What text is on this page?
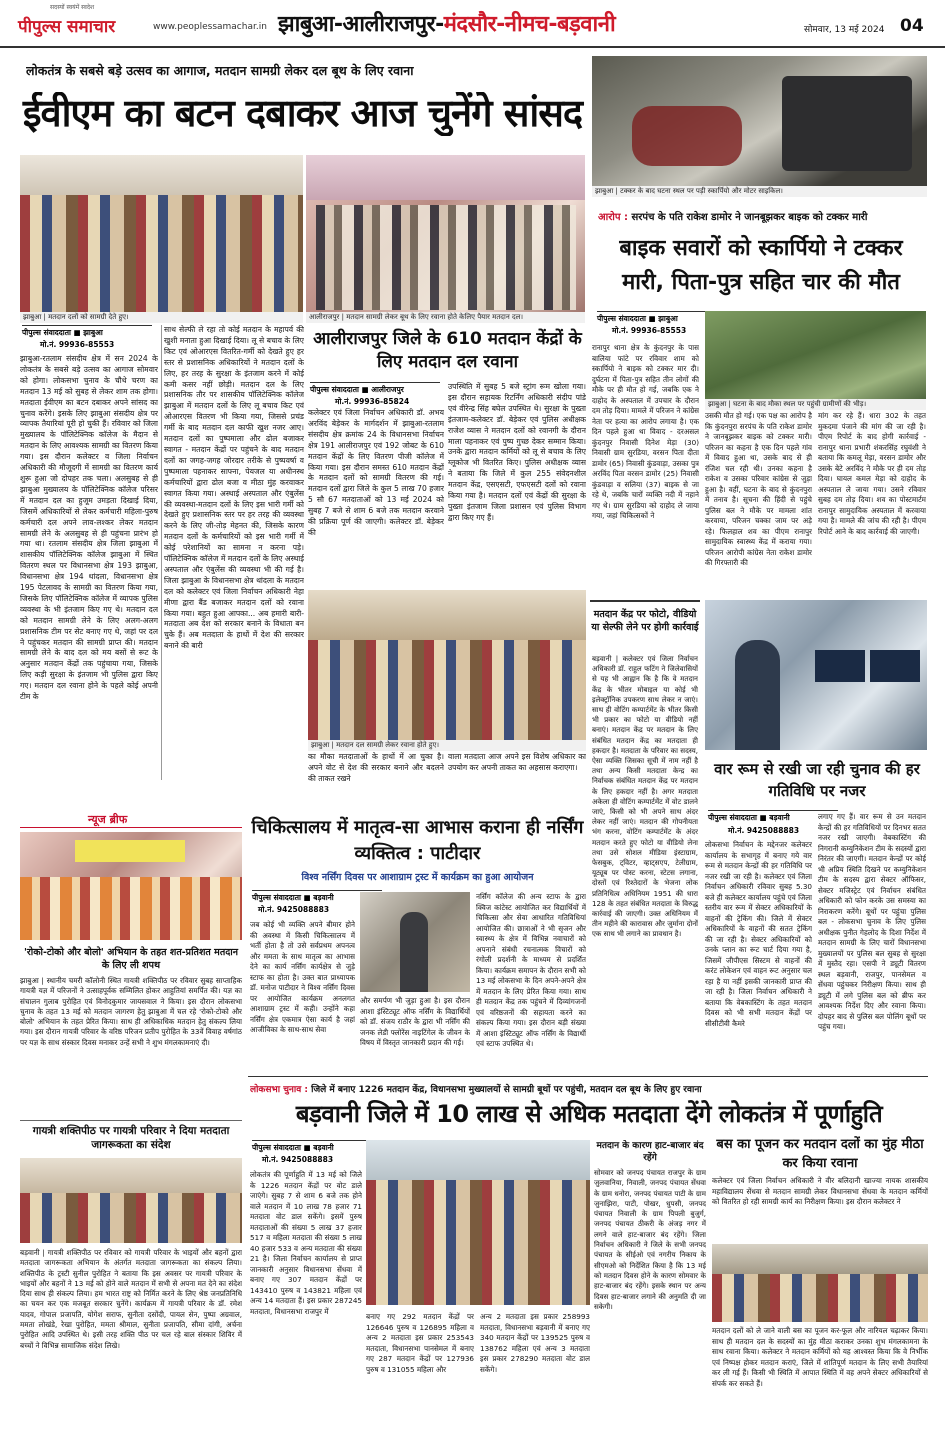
पीपुल्स समाचार
सदस्यों स्वयंमें स्वदेश
www.peoplessamachar.in झाबुआ-आलीराजपुर-मंदसौर-नीमच-बड़वानी	सोमवार, 13 मई 2024 04
लोकतंत्र के सबसे बड़े उत्सव का आगाज, मतदान सामग्री लेकर दल बूथ के लिए रवाना
ईवीएम का बटन दबाकर आज चुनेंगे सांसद
झाबुआ | मतदान दलों को सामग्री देते हुए।	आलीराजपुर | मतदान सामग्री लेकर बूथ के लिए रवाना होते केलिए पैयार मतदान दल।
पीपुल्स संवाददाता ■ झाबुआ
मो.नं. 99936-85553
झाबुआ-रतलाम संसदीय क्षेत्र में सन 2024 के लोकतंत्र के सबसे बड़े उत्सव का आगाज सोमवार को होगा। लोकसभा चुनाव के चौथे चरण का मतदान 13 मई को सुबह से लेकर शाम तक होगा। मतदाता ईवीएम का बटन दबाकर अपने सांसद का चुनाव करेंगे। इसके लिए झाबुआ संसदीय क्षेत्र पर व्यापक तैयारियां पूरी हो चुकी हैं। रविवार को जिला मुख्यालय के पॉलिटेक्निक कॉलेज के मैदान से मतदान के लिए आवश्यक सामग्री का वितरण किया गया। इस दौरान कलेक्टर व जिला निर्वाचन अधिकारी की मौजूदगी में सामग्री का वितरण कार्य शुरू हुआ जो दोपहर तक चला। अलसुबह से ही झाबुआ मुख्यालय के पॉलिटेक्निक कॉलेज परिसर में मतदान दल का हुजूम उमड़ता दिखाई दिया, जिसमें अधिकारियों से लेकर कर्मचारी महिला-पुरुष कर्मचारी दल अपने लाव-लश्कर लेकर मतदान सामग्री लेने के अलसुबह से ही पहुंचना प्रारंभ हो गया था। रतलाम संसदीय क्षेत्र जिला झाबुआ में शासकीय पॉलिटेक्निक कॉलेज झाबुआ में स्थित वितरण स्थल पर विधानसभा क्षेत्र 193 झाबुआ, विधानसभा क्षेत्र 194 थांदला, विधानसभा क्षेत्र 195 पेटलावद के सामग्री का वितरण किया गया, जिसके लिए पॉलिटेक्निक कॉलेज में व्यापक पुलिस व्यवस्था के भी इंतजाम किए गए थे। मतदान दल को मतदान सामग्री लेने के लिए अलग-अलग प्रशासनिक टीम पर सेट बनाए गए थे, जहां पर दल ने पहुंचकर मतदान की सामग्री प्राप्त की। मतदान सामग्री लेने के बाद दल को मय बसों से रूट के अनुसार मतदान केंद्रों तक पहुंचाया गया, जिसके लिए कड़ी सुरक्षा के इंतजाम भी पुलिस द्वारा किए गए। मतदान दल रवाना होने के पहले कोई अपनी टीम के
साथ सेल्फी ले रहा तो कोई मतदान के महापर्व की खुशी मनाता हुआ दिखाई दिया। लू से बचाव के लिए किट एवं ओआरएस वितरित-गर्मी को देखते हुए हर स्तर से प्रशासनिक अधिकारियों ने मतदान दलों के लिए, हर तरह के सुरक्षा के इंतजाम करने में कोई कमी कसर नहीं छोड़ी। मतदान दल के लिए प्रशासनिक तौर पर शासकीय पॉलिटेक्निक कॉलेज झाबुआ में मतदान दलों के लिए लू बचाव किट एवं ओआरएस वितरण भी किया गया, जिससे प्रचंड गर्मी के बाद मतदान दल काफी खुश नजर आए। मतदान दलों का पुष्पमाला और ढोल बजाकर स्वागत - मतदान केंद्रों पर पहुंचने के बाद मतदान दलों का जगह-जगह जोरदार तरीके से पुष्पवर्षा व पुष्पमाला पहनाकर साफ्ना, पेयजल या अधीनस्थ कर्मचारियों द्वारा ढोल बजा व मीठा मुंह करवाकर स्वागत किया गया। अस्थाई अस्पताल और एंबुलेंस की व्यवस्था-मतदान दलों के लिए इस भारी गर्मी को देखते हुए प्रशासनिक स्तर पर हर तरह की व्यवस्था करने के लिए जी-तोड़ मेहनत की, जिसके कारण मतदान दलों के कर्मचारियों को इस भारी गर्मी में कोई परेशानियों का सामना न करना पड़े। पॉलिटेक्निक कॉलेज में मतदान दलों के लिए अस्थाई अस्पताल और एंबुलेंस की व्यवस्था भी की गई है। जिला झाबुआ के विधानसभा क्षेत्र थांदला के मतदान दल को कलेक्टर एवं जिला निर्वाचन अधिकारी नेहा मीणा द्वारा बैंड बजाकर मतदान दलों को रवाना किया गया। बहुत हुआ आपका... अब हमारी बारी- मतदाता अब देश को सरकार बनाने के विधाता बन चुके हैं। अब मतदाता के हाथों में देश की सरकार बनाने की बारी
आलीराजपुर जिले के 610 मतदान केंद्रों के लिए मतदान दल रवाना
पीपुल्स संवाददाता ■ आलीराजपुर
मो.नं. 99936-85824
कलेक्टर एवं जिला निर्वाचन अधिकारी डॉ. अभय अरविंद बेड़ेकर के मार्गदर्शन में झाबुआ-रतलाम संसदीय क्षेत्र क्रमांक 24 के विधानसभा निर्वाचन क्षेत्र 191 आलीराजपुर एवं 192 जोबट के 610 मतदान केंद्रों के लिए वितरण पीजी कॉलेज में किया गया। इस दौरान समस्त 610 मतदान केंद्रों के मतदान दलों को सामग्री वितरण की गई। मतदान दलों द्वारा जिले के कुल 5 लाख 70 हजार 5 सौ 67 मतदाताओं को 13 मई 2024 को सुबह 7 बजे से शाम 6 बजे तक मतदान करवाने की प्रक्रिया पूर्ण की जाएगी। कलेक्टर डॉ. बेड़ेकर की
उपस्थिति में सुबह 5 बजे स्ट्रांग रूम खोला गया। इस दौरान सहायक रिटर्निंग अधिकारी संदीप पांडे एवं वीरेन्द्र सिंह बघेल उपस्थित थे। सुरक्षा के पुख्ता इंतजाम-कलेक्टर डॉ. बेड़ेकर एवं पुलिस अधीक्षक राजेश व्यास ने मतदान दलों को रवानगी के दौरान माला पहनाकर एवं पुष्प गुच्छ देकर सम्मान किया। उनके द्वारा मतदान कर्मियों को लू से बचाव के लिए ग्लूकोज भी वितरित किए। पुलिस अधीक्षक व्यास ने बताया कि जिले में कुल 255 संवेदनशील मतदान केंद्र, एसएसटी, एफएसटी दलों को रवाना किया गया है। मतदान दलों एवं केंद्रों की सुरक्षा के पुख्ता इंतजाम जिला प्रशासन एवं पुलिस विभाग द्वारा किए गए हैं।
झाबुआ | मतदान दल सामग्री लेकर रवाना होते हुए।
का मौका मतदाताओं के हाथों में आ चुका है। अपने वोट से देश की सरकार बनाने और बदलने की ताकत रखने
वाला मतदाता आज अपने इस विशेष अधिकार का उपयोग कर अपनी ताकत का अहसास कराएगा।
झाबुआ | टक्कर के बाद घटना स्थल पर पड़ी स्कार्पियो और मोटर साइकिल।
आरोप : सरपंच के पति राकेश डामोर ने जानबूझकर बाइक को टक्कर मारी
बाइक सवारों को स्कार्पियो ने टक्कर मारी, पिता-पुत्र सहित चार की मौत
पीपुल्स संवाददाता ■ झाबुआ
मो.नं. 99936-85553
रानापुर थाना क्षेत्र के कुंदनपुर के पास बालिया फांटे पर रविवार शाम को स्कार्पियो ने बाइक को टक्कर मार दी। दुर्घटना में पिता-पुत्र सहित तीन लोगों की मौके पर ही मौत हो गई, जबकि एक ने दाहोद के अस्पताल में उपचार के दौरान दम तोड़ दिया। मामले में परिजन ने कांग्रेस नेता पर हत्या का आरोप लगाया है। एक दिन पहले हुआ था विवाद - दरअसल कुंदनपुर निवासी दिनेश मेड़ा (30) निवासी ग्राम सुरडिया, वरसन पिता दीता डामोर (65) निवासी कुंडवाड़ा, उसका पुत्र अरविंद पिता वरसन डामोर (25) निवासी कुंडवाड़ा व सलिया (37) बाइक से जा रहे थे, जबकि चारों व्यक्ति नदी में नहाने गए थे। ग्राम सुरडिया को दाहोद ले जाया गया, जहां चिकित्सकों ने
झाबुआ | घटना के बाद मौका स्थल पर पहुंची ग्रामीणों की भीड़।
उसकी मौत हो गई। एक पक्ष का आरोप है कि कुंदनपुरा सरपंच के पति राकेश डामोर ने जानबूझकर बाइक को टक्कर मारी। परिजन का कहना है एक दिन पहले गांव में विवाद हुआ था, उसके बाद से ही रंजिश चल रही थी। उनका कहना है राकेश व उसका परिवार कांग्रेस से जुड़ा हुआ है। वहीं, घटना के बाद से कुंदनपुरा में तनाव है। सूचना की हिंदी से पहुंचे पुलिस बल ने मौके पर मामला शांत करवाया, परिजन चक्का जाम पर अड़े रहे। फिलहाल शव का पीएम रानापुर सामुदायिक स्वास्थ्य केंद्र में कराया गया। परिजन आरोपी कांग्रेस नेता राकेश डामोर की गिरफ्तारी की
मांग कर रहे हैं। धारा 302 के तहत मुकदमा पंजाने की मांग की जा रही है। पीएम रिपोर्ट के बाद होगी कार्रवाई - रानापुर थाना प्रभारी शंकरसिंह रघुवंशी ने बताया कि कमलू मेड़ा, वरसन डामोर और उसके बेटे अरविंद ने मौके पर ही दम तोड़ दिया। घायल कमल मेड़ा को दाहोद के अस्पताल ले जाया गया। उसने रविवार सुबह दम तोड़ दिया। शव का पोस्टमार्टम रानापुर सामुदायिक अस्पताल में करवाया गया है। मामले की जांच की रही है। पीएम रिपोर्ट आने के बाद कार्रवाई की जाएगी।
मतदान केंद्र पर फोटो, वीडियो या सेल्फी लेने पर होगी कार्रवाई
बड़वानी | कलेक्टर एवं जिला निर्वाचन अधिकारी डॉ. राहुल फटिंग ने जिलेवासियों से यह भी आह्वान कि है कि वे मतदान केंद्र के भीतर मोबाइल या कोई भी इलेक्ट्रॉनिक उपकरण साथ लेकर न जाएं। साथ ही वोटिंग कम्पार्टमेंट के भीतर किसी भी प्रकार का फोटो या वीडियो नहीं बनाएं। मतदान केंद्र पर मतदान के लिए संबंधित मतदान केंद्र का मतदाता ही हकदार है। मतदाता के परिवार का सदस्य, ऐसा व्यक्ति जिसका सूची में नाम नहीं है तथा अन्य किसी मतदाता केन्द्र का निर्वाचक संबंधित मतदान केंद्र पर मतदान के लिए हकदार नहीं है। अगर मतदाता अकेला ही वोटिंग कम्पार्टमेंट में वोट डालने जाएं, किसी को भी अपने साथ अंदर लेकर नहीं जाएं। मतदान की गोपनीयता भंग करना, वोटिंग कम्पार्टमेंट के अंदर मतदान करते हुए फोटो या वीडियो लेना तथा उसे सोशल मीडिया इंस्टाग्राम, फेसबुक, ट्विटर, व्हाट्सएप, टेलीग्राम, यूट्यूब पर पोस्ट करना, स्टेटस लगाना, दोस्तों एवं रिश्तेदारों के भेजना लोक प्रतिनिधित्व अधिनियम 1951 की धारा 128 के तहत संबंधित मतदाता के विरुद्ध कार्रवाई की जाएगी। उक्त अधिनियम में तीन महीने की कारावास और जुर्माना दोनों एक साथ भी लगाने का प्रावधान है।
वार रूम से रखी जा रही चुनाव की हर गतिविधि पर नजर
पीपुल्स संवाददाता ■ बड़वानी
मो.नं. 9425088883
लोकसभा निर्वाचन के मद्देनजर कलेक्टर कार्यालय के सभागृह में बनाए गये वार रूम से मतदान केन्द्रों की हर गतिविधि पर नजर रखी जा रही है। कलेक्टर एवं जिला निर्वाचन अधिकारी रविवार सुबह 5.30 बजे ही कलेक्टर कार्यालय पहुंचे एवं जिला स्तरीय वार रूम में सेक्टर अधिकारियों के वाहनों की ट्रेकिंग की। जिले में सेक्टर अधिकारियों के वाहनों की सतत ट्रेकिंग की जा रही है। सेक्टर अधिकारियों को उनके प्लान का रूट चार्ट दिया गया है, जिसमें जीपीएस सिस्टम से वाहनों की करंट लोकेशन एवं वाहन रूट अनुसार चल रहा है या नहीं इसकी जानकारी प्राप्त की जा रही है। जिला निर्वाचन अधिकारी ने बताया कि वेबकास्टिंग के तहत मतदान दिवस को भी सभी मतदान केंद्रों पर सीसीटीवी कैमरे
लगाए गए हैं। वार रूम से उन मतदान केन्द्रों की हर गतिविधियों पर दिनभर सतत नजर रखी जाएगी। वेबकास्टिंग की निगरानी कम्युनिकेशन टीम के सदस्यों द्वारा निरंतर की जाएगी। मतदान केन्द्रों पर कोई भी अप्रिय स्थिति दिखने पर कम्युनिकेशन टीम के सदस्य द्वारा सेक्टर ऑफिसर, सेक्टर मजिस्ट्रेट एवं निर्वाचन संबंधित अधिकारी को फोन करके उस समस्या का निराकरण करेंगे। बूथों पर पहुंचा पुलिस बल - लोकसभा चुनाव के लिए पुलिस अधीक्षक पुनीत गेहलोद के दिशा निर्देश में मतदान सामग्री के लिए चारों विधानसभा मुख्यालयों पर पुलिस बल सुबह से सुरक्षा में मुस्तैद रहा। एसपी ने ड्यूटी वितरण स्थल बड़वानी, राजपुर, पानसेमल व सेंधवा पहुंचकर निरीक्षण किया। साथ ही ड्यूटी में लगे पुलिस बल को ब्रीफ कर आवश्यक निर्देश दिए और रवाना किया। दोपहर बाद से पुलिस बल पोलिंग बूथों पर पहुंच गया।
न्यूज ब्रीफ
'रोको-टोको और बोलो' अभियान के तहत शत-प्रतिशत मतदान के लिए ली शपथ
झाबुआ | स्थानीय चमरी कॉलोनी स्थित गायत्री शक्तिपीठ पर रविवार सुबह साप्ताहिक गायत्री यज्ञ में परिजनों ने उत्साहपूर्वक सम्मिलित होकर आहुतियां समर्पित की। यज्ञ का संचालन गुलाब पुरोहित एवं विनोदकुमार जायसवाल ने किया। इस दौरान लोकसभा चुनाव के तहत 13 मई को मतदान जागरण हेतु झाबुआ में चल रहे 'रोको-टोको और बोलो' अभियान के तहत प्रेरित किया। साथ ही अधिकाधिक मतदान हेतु संकल्प लिया गया। इस दौरान गायत्री परिवार के वरिष्ठ परिजन प्रतीप पुरोहित के 33वें विवाह वर्षगांठ पर यज्ञ के साथ संस्कार दिवस मनाकर उन्हें सभी ने शुभ मंगलकामनाएं दी।
गायत्री शक्तिपीठ पर गायत्री परिवार ने दिया मतदाता जागरूकता का संदेश
बड़वानी | गायत्री शक्तिपीठ पर रविवार को गायत्री परिवार के भाइयों और बहनों द्वारा मतदाता जागरूकता अभियान के अंतर्गत मतदाता जागरूकता का संकल्प लिया। शक्तिपीठ के ट्रस्टी सुनील पुरोहित ने बताया कि इस अवसर पर गायत्री परिवार के भाइयों और बहनों ने 13 मई को होने वाले मतदान में सभी से अपना मत देने का संदेश दिया साथ ही संकल्प लिया। हम भारत राष्ट्र को निर्मित करने के लिए श्रेष्ठ जनप्रतिनिधि का चयन कर एक मजबूत सरकार चुनेंगे। कार्यक्रम में गायत्री परिवार के डॉ. रमेश यादव, गोपाल प्रजापति, योगेश सराफ, सुनीता दसोंदी, पायल सेन, पुष्पा अग्रवाल, ममता लोखंडे, रेखा पुरोहित, ममता श्रीमाल, सुनीता प्रजापति, सीमा दांगी, अर्चना पुरोहित आदि उपस्थित थे। इसी तरह शक्ति पीठ पर चल रहे बाल संस्कार शिविर में बच्चों ने विभिन्न सामाजिक संदेश लिखे।
चिकित्सालय में मातृत्व-सा आभास कराना ही नर्सिंग व्यक्तित्व : पाटीदार
विश्व नर्सिंग दिवस पर आशाग्राम ट्रस्ट में कार्यक्रम का हुआ आयोजन
पीपुल्स संवाददाता ■ बड़वानी
मो.नं. 9425088883
जब कोई भी व्यक्ति अपने बीमार होने की अवस्था में किसी चिकित्सालय में भर्ती होता है तो उसे सर्वप्रथम अपनत्व और ममता के साथ मातृत्व का आभास देने का कार्य नर्सिंग कार्यक्षेत्र से जुड़े स्टाफ का होता है। उक्त बात प्राध्यापक डॉ. मनोज पाटीदार ने विश्व नर्सिंग दिवस पर आयोजित कार्यक्रम अनलगत आशाग्राम ट्रस्ट में कही। उन्होंने कहा नर्सिंग क्षेत्र एकमात्र ऐसा कार्य है जहां आजीविका के साथ-साथ सेवा
और समर्पण भी जुड़ा हुआ है। इस दौरान आशा इंस्टिट्यूट ऑफ नर्सिंग के विद्यार्थियों को डॉ. संजय राठौर के द्वारा भी नर्सिंग की जनक लेडी फ्लोरेंस नाइटिंगेल के जीवन के विषय में विस्तृत जानकारी प्रदान की गई।
नर्सिंग कॉलेज की अन्य स्टाफ के द्वारा क्विज कांटेस्ट आयोजित कर विद्यार्थियों में चिकित्सा और सेवा आधारित गतिविधियां आयोजित की। छात्राओं ने भी सृजन और स्वास्थ्य के क्षेत्र में विभिन्न नवाचारों को अपनाने संबंधी रचनात्मक विचारों को रंगोली प्रदर्शनी के माध्यम से प्रदर्शित किया। कार्यक्रम समापन के दौरान सभी को 13 मई लोकसभा के दिन अपने-अपने क्षेत्र में मतदान के लिए प्रेरित किया गया। साथ ही मतदान केंद्र तक पहुंचने में दिव्यांगजनों एवं वरिष्ठजनों की सहायता करने का संकल्प किया गया। इस दौरान बड़ी संख्या में आशा इंस्टिट्यूट ऑफ नर्सिंग के विद्यार्थी एवं स्टाफ उपस्थित थे।
लोकसभा चुनाव : जिले में बनाए 1226 मतदान केंद्र, विधानसभा मुख्यालयों से सामग्री बूथों पर पहुंची, मतदान दल बूथ के लिए हुए रवाना
बड़वानी जिले में 10 लाख से अधिक मतदाता देंगे लोकतंत्र में पूर्णाहुति
पीपुल्स संवाददाता ■ बड़वानी
मो.नं. 9425088883
लोकतंत्र की पूर्णाहुति में 13 मई को जिले के 1226 मतदान केंद्रों पर वोट डाले जाएंगे। सुबह 7 से शाम 6 बजे तक होने वाले मतदान में 10 लाख 78 हजार 71 मतदाता वोट डाल सकेंगे। इसमें पुरुष मतदाताओं की संख्या 5 लाख 37 हजार 517 व महिला मतदाता की संख्या 5 लाख 40 हजार 533 व अन्य मतदाता की संख्या 21 है। जिला निर्वाचन कार्यालय से प्राप्त जानकारी अनुसार विधानसभा सेंधवा में बनाए गए 307 मतदान केंद्रों पर 143410 पुरुष व 143821 महिला एवं अन्य 14 मतदाता हैं। इस प्रकार 287245 मतदाता, विधानसभा राजपुर में
बनाए गए 292 मतदान केंद्रों पर 126646 पुरुष व 126895 महिला व अन्य 2 मतदाता इस प्रकार 253543 मतदाता, विधानसभा पानसेमल में बनाए गए 287 मतदान केंद्रों पर 127936 पुरुष व 131055 महिला और
अन्य 2 मतदाता इस प्रकार 258993 मतदाता, विधानसभा बड़वानी में बनाए गए 340 मतदान केंद्रों पर 139525 पुरुष व 138762 महिला एवं अन्य 3 मतदाता इस प्रकार 278290 मतदाता वोट डाल सकेंगे।
मतदान के कारण हाट-बाजार बंद रहेंगे
सोमवार को जनपद पंचायत राजपुर के ग्राम जुलवानिया, निवाली, जनपद पंचायत सेंधवा के ग्राम धनोरा, जनपद पंचायत पाटी के ग्राम जुनाझिरा, पाटी, पोखर, धुपसी, जनपद पंचायत निवाली के ग्राम पिपली बुजुर्ग, जनपद पंचायत ठीकरी के अंजड़ नगर में लगने वाले हाट-बाजार बंद रहेंगे। जिला निर्वाचन अधिकारी ने जिले के सभी जनपद पंचायत के सीईओ एवं नगरीय निकाय के सीएमओ को निर्देशित किया है कि 13 मई को मतदान दिवस होने के कारण सोमवार के हाट-बाजार बंद रहेंगे। इसके स्थान पर अन्य दिवस हाट-बाजार लगाने की अनुमति दी जा सकेगी।
बस का पूजन कर मतदान दलों का मुंह मीठा कर किया रवाना
कलेक्टर एवं जिला निर्वाचन अधिकारी ने वीर बलिदानी खाज्या नायक शासकीय महाविद्यालय सेंधवा से मतदान सामग्री लेकर विधानसभा सेंधवा के मतदान कर्मियों को वितरित हो रही सामग्री कार्य का निरीक्षण किया। इस दौरान कलेक्टर ने
मतदान दलों को ले जाने वाली बस का पूजन कर-फूल और नारियल चढ़ाकर किया। साथ ही मतदान दल के सदस्यों का मुंह मीठा कराकर उनका शुभ मंगलकामना के साथ रवाना किया। कलेक्टर ने मतदान कर्मियों को यह आश्वस्त किया कि वे निर्भीक एवं निष्पक्ष होकर मतदान कराएं, जिले में शांतिपूर्ण मतदान के लिए सभी तैयारियां कर ली गई हैं। किसी भी स्थिति में आपात स्थिति में वह अपने सेक्टर अधिकारियों से संपर्क कर सकते हैं।
